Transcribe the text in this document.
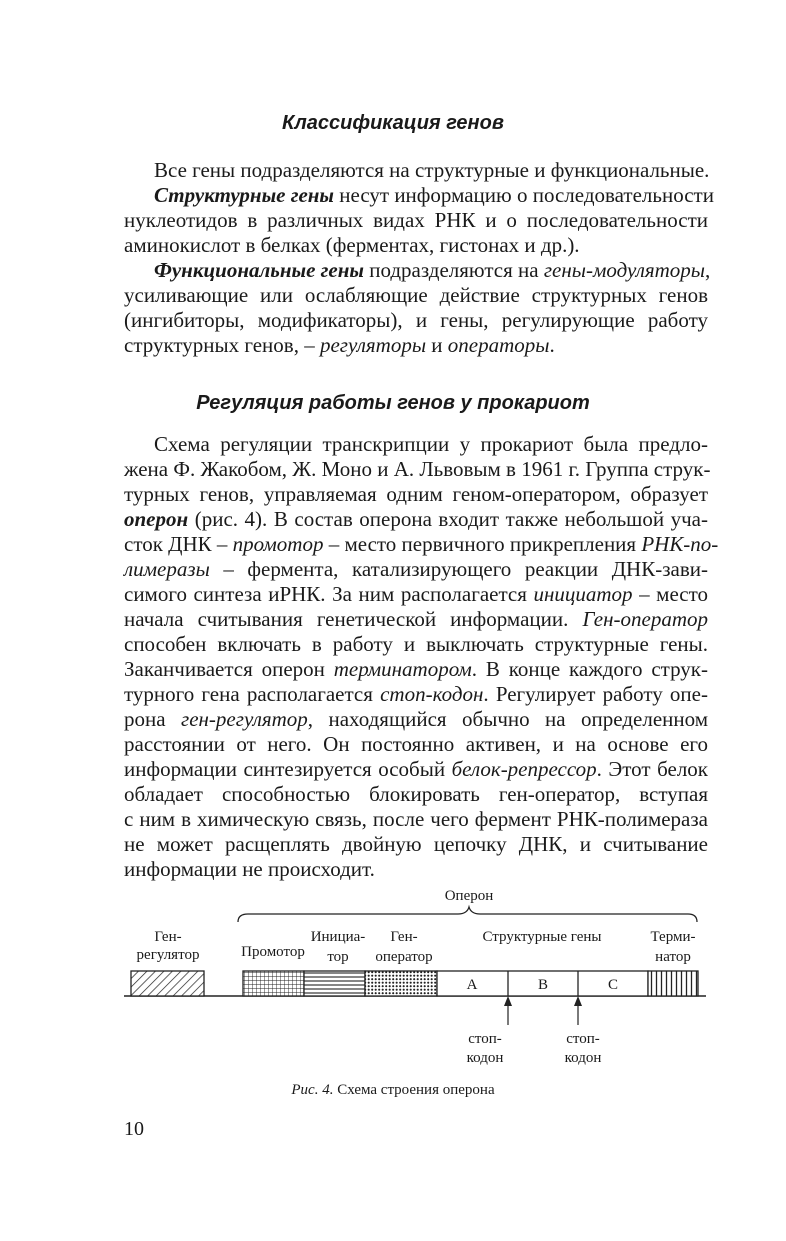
Классификация генов
Все гены подразделяются на структурные и функциональные.
Структурные гены несут информацию о последовательности
нуклеотидов в различных видах РНК и о последовательности
аминокислот в белках (ферментах, гистонах и др.).
Функциональные гены подразделяются на гены-модуляторы,
усиливающие или ослабляющие действие структурных генов
(ингибиторы, модификаторы), и гены, регулирующие работу
структурных генов, – регуляторы и операторы.
Регуляция работы генов у прокариот
Схема регуляции транскрипции у прокариот была предло-
жена Ф. Жакобом, Ж. Моно и А. Львовым в 1961 г. Группа струк-
турных генов, управляемая одним геном-оператором, образует
оперон (рис. 4). В состав оперона входит также небольшой уча-
сток ДНК – промотор – место первичного прикрепления РНК-по-
лимеразы – фермента, катализирующего реакции ДНК-зави-
симого синтеза иРНК. За ним располагается инициатор – место
начала считывания генетической информации. Ген-оператор
способен включать в работу и выключать структурные гены.
Заканчивается оперон терминатором. В конце каждого струк-
турного гена располагается стоп-кодон. Регулирует работу опе-
рона ген-регулятор, находящийся обычно на определенном
расстоянии от него. Он постоянно активен, и на основе его
информации синтезируется особый белок-репрессор. Этот белок
обладает способностью блокировать ген-оператор, вступая
с ним в химическую связь, после чего фермент РНК-полимераза
не может расщеплять двойную цепочку ДНК, и считывание
информации не происходит.
Оперон
Ген-
регулятор	Промотор
Инициа-
тор
Ген-
оператор
Структурные гены	Терми-
натор
A	B	C
стоп-
кодон
стоп-
кодон

Рис. 4. Схема строения оперона

10
